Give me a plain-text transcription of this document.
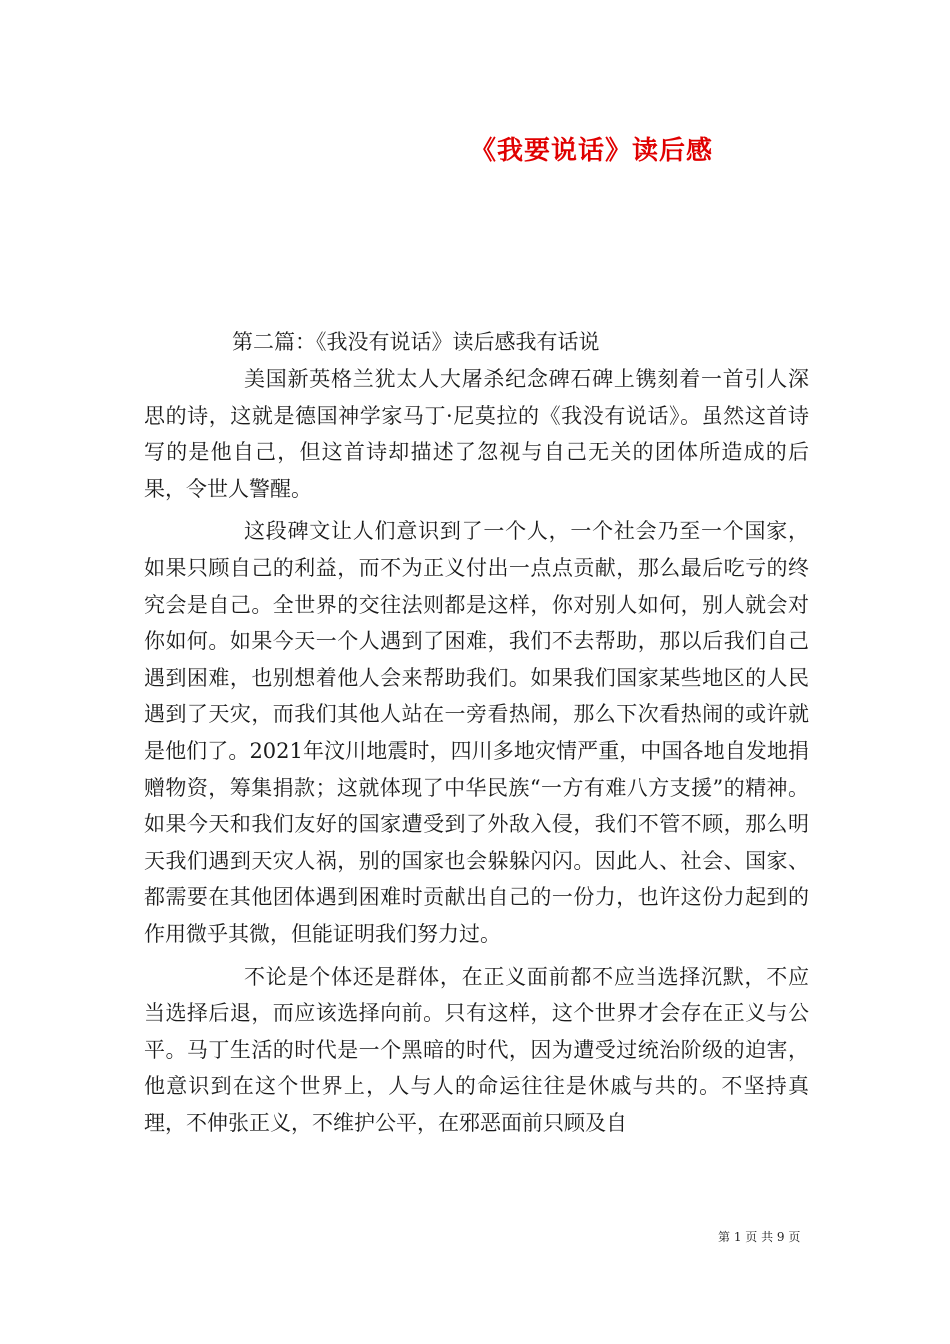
《我要说话》读后感
第二篇：《我没有说话》读后感我有话说

美国新英格兰犹太人大屠杀纪念碑石碑上镌刻着一首引人深思的诗，这就是德国神学家马丁·尼莫拉的《我没有说话》。虽然这首诗写的是他自己，但这首诗却描述了忽视与自己无关的团体所造成的后果，令世人警醒。

这段碑文让人们意识到了一个人，一个社会乃至一个国家，如果只顾自己的利益，而不为正义付出一点点贡献，那么最后吃亏的终究会是自己。全世界的交往法则都是这样，你对别人如何，别人就会对你如何。如果今天一个人遇到了困难，我们不去帮助，那以后我们自己遇到困难，也别想着他人会来帮助我们。如果我们国家某些地区的人民遇到了天灾，而我们其他人站在一旁看热闹，那么下次看热闹的或许就是他们了。2021年汶川地震时，四川多地灾情严重，中国各地自发地捐赠物资，筹集捐款；这就体现了中华民族“一方有难八方支援”的精神。如果今天和我们友好的国家遭受到了外敌入侵，我们不管不顾，那么明天我们遇到天灾人祸，别的国家也会躲躲闪闪。因此人、社会、国家、都需要在其他团体遇到困难时贡献出自己的一份力，也许这份力起到的作用微乎其微，但能证明我们努力过。

不论是个体还是群体，在正义面前都不应当选择沉默，不应当选择后退，而应该选择向前。只有这样，这个世界才会存在正义与公平。马丁生活的时代是一个黑暗的时代，因为遭受过统治阶级的迫害，他意识到在这个世界上，人与人的命运往往是休戚与共的。不坚持真理，不伸张正义，不维护公平，在邪恶面前只顾及自

第 1 页 共 9 页
